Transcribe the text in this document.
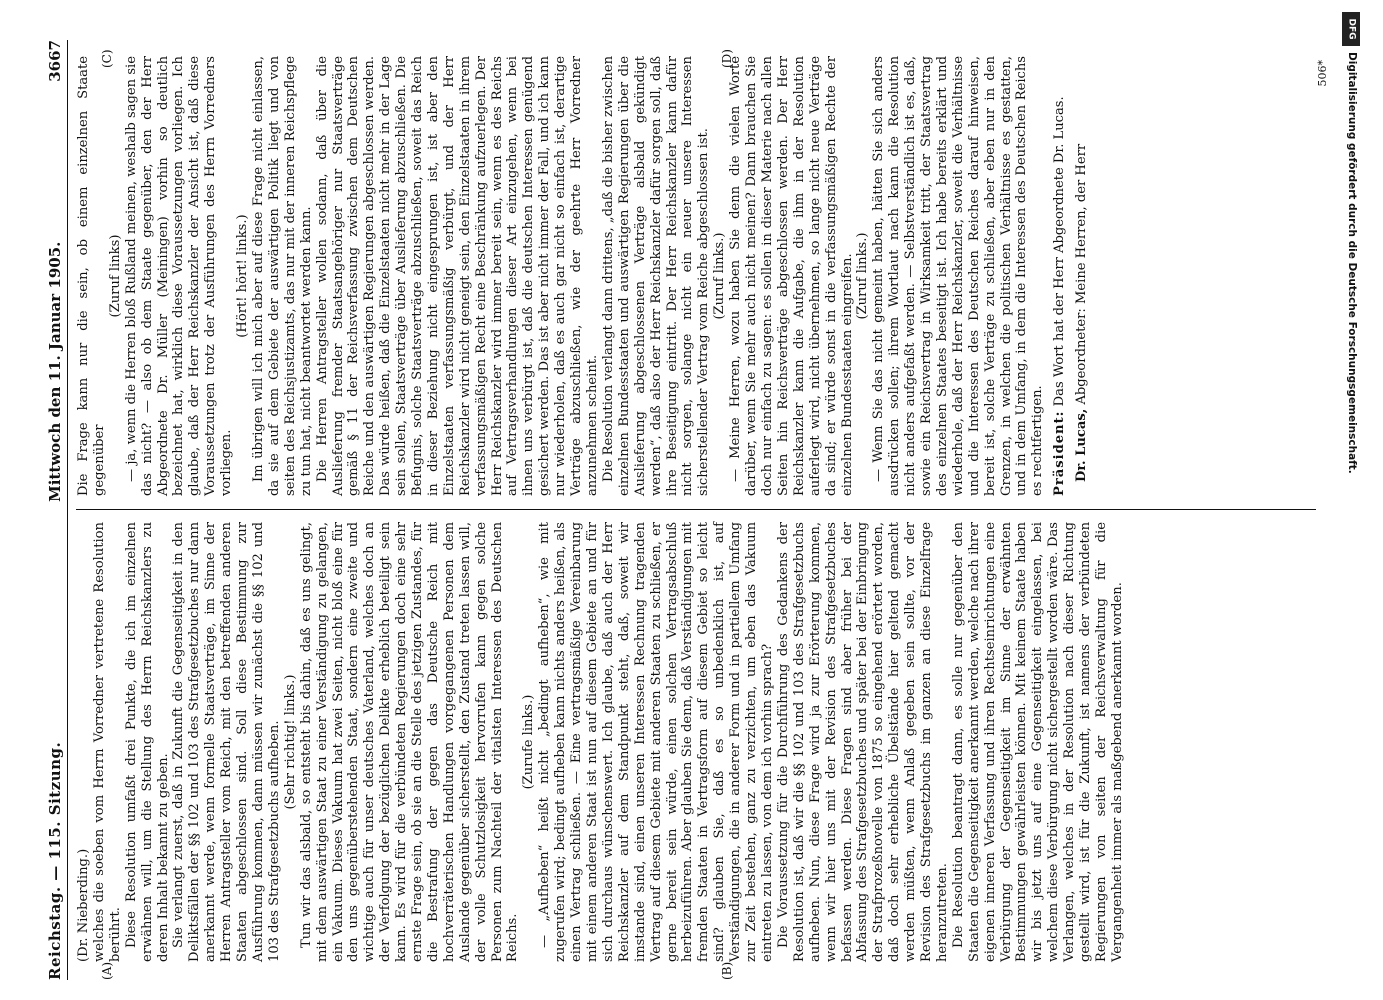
Reichstag. — 115. Sitzung.
Mittwoch den 11. Januar 1905.
3667
(A)	(B)
(C)	(D)

(Dr. Nieberding.) welches die soeben vom Herrn Vorredner vertretene Resolution berührt. Diese Resolution umfaßt drei Punkte, die ich im einzelnen erwähnen will, um die Stellung des Herrn Reichskanzlers zu deren Inhalt bekannt zu geben. Sie verlangt zuerst, daß in Zukunft die Gegenseitigkeit in den Deliktsfällen der §§ 102 und 103 des Strafgesetzbuches nur dann anerkannt werde, wenn formelle Staatsverträge, im Sinne der Herren Antragsteller vom Reich, mit den betreffenden anderen Staaten abgeschlossen sind. Soll diese Bestimmung zur Ausführung kommen, dann müssen wir zunächst die §§ 102 und 103 des Strafgesetzbuchs aufheben. (Sehr richtig! links.) Tun wir das alsbald, so entsteht bis dahin, daß es uns gelingt, mit dem auswärtigen Staat zu einer Verständigung zu gelangen, ein Vakuum. Dieses Vakuum hat zwei Seiten, nicht bloß eine für den uns gegenüberstehenden Staat, sondern eine zweite und wichtige auch für unser deutsches Vaterland, welches doch an der Verfolgung der bezüglichen Delikte erheblich beteiligt sein kann. Es wird für die verbündeten Regierungen doch eine sehr ernste Frage sein, ob sie an die Stelle des jetzigen Zustandes, für die Bestrafung der gegen das Deutsche Reich mit hochverräterischen Handlungen vorgegangenen Personen dem Auslande gegenüber sicherstellt, den Zustand treten lassen will, der volle Schutzlosigkeit hervorrufen kann gegen solche Personen zum Nachteil der vitalsten Interessen des Deutschen Reichs.

(Zurufe links.) — „Aufheben“ heißt nicht „bedingt aufheben“, wie mit zugerufen wird; bedingt aufheben kann nichts anders heißen, als einen Vertrag schließen. — Eine vertragsmäßige Vereinbarung mit einem anderen Staat ist nun auf diesem Gebiete an und für sich durchaus wünschenswert. Ich glaube, daß auch der Herr Reichskanzler auf dem Standpunkt steht, daß, soweit wir imstande sind, einen unseren Interessen Rechnung tragenden Vertrag auf diesem Gebiete mit anderen Staaten zu schließen, er gerne bereit sein würde, einen solchen Vertragsabschluß herbeizuführen. Aber glauben Sie denn, daß Verständigungen mit fremden Staaten in Vertragsform auf diesem Gebiet so leicht sind? glauben Sie, daß es so unbedenklich ist, auf Verständigungen, die in anderer Form und in partiellem Umfang zur Zeit bestehen, ganz zu verzichten, um eben das Vakuum eintreten zu lassen, von dem ich vorhin sprach? Die Voraussetzung für die Durchführung des Gedankens der Resolution ist, daß wir die §§ 102 und 103 des Strafgesetzbuchs aufheben. Nun, diese Frage wird ja zur Erörterung kommen, wenn wir hier uns mit der Revision des Strafgesetzbuches befassen werden. Diese Fragen sind aber früher bei der Abfassung des Strafgesetzbuches und später bei der Einbringung der Strafprozeßnovelle von 1875 so eingehend erörtert worden, daß doch sehr erhebliche Übelstände hier geltend gemacht werden müßten, wenn Anlaß gegeben sein sollte, vor der Revision des Strafgesetzbuchs im ganzen an diese Einzelfrage heranzutreten. Die Resolution beantragt dann, es solle nur gegenüber den Staaten die Gegenseitigkeit anerkannt werden, welche nach ihrer eigenen inneren Verfassung und ihren Rechtseinrichtungen eine Verbürgung der Gegenseitigkeit im Sinne der erwähnten Bestimmungen gewährleisten können. Mit keinem Staate haben wir bis jetzt uns auf eine Gegenseitigkeit eingelassen, bei welchem diese Verbürgung nicht sichergestellt worden wäre. Das Verlangen, welches in der Resolution nach dieser Richtung gestellt wird, ist für die Zukunft, ist namens der verbündeten Regierungen von seiten der Reichsverwaltung für die Vergangenheit immer als maßgebend anerkannt worden.

Die Frage kann nur die sein, ob einem einzelnen Staate gegenüber

(Zuruf links) — ja, wenn die Herren bloß Rußland meinen, weshalb sagen sie das nicht? — also ob dem Staate gegenüber, den der Herr Abgeordnete Dr. Müller (Meiningen) vorhin so deutlich bezeichnet hat, wirklich diese Voraussetzungen vorliegen. Ich glaube, daß der Herr Reichskanzler der Ansicht ist, daß diese Voraussetzungen trotz der Ausführungen des Herrn Vorredners vorliegen.

(Hört! hört! links.) Im übrigen will ich mich aber auf diese Frage nicht einlassen, da sie auf dem Gebiete der auswärtigen Politik liegt und von seiten des Reichsjustizamts, das nur mit der inneren Reichspflege zu tun hat, nicht beantwortet werden kann. Die Herren Antragsteller wollen sodann, daß über die Auslieferung fremder Staatsangehöriger nur Staatsverträge gemäß § 11 der Reichsverfassung zwischen dem Deutschen Reiche und den auswärtigen Regierungen abgeschlossen werden. Das würde heißen, daß die Einzelstaaten nicht mehr in der Lage sein sollen, Staatsverträge über Auslieferung abzuschließen. Die Befugnis, solche Staatsverträge abzuschließen, soweit das Reich in dieser Beziehung nicht eingesprungen ist, ist aber den Einzelstaaten verfassungsmäßig verbürgt, und der Herr Reichskanzler wird nicht geneigt sein, den Einzelstaaten in ihrem verfassungsmäßigen Recht eine Beschränkung aufzuerlegen. Der Herr Reichskanzler wird immer bereit sein, wenn es des Reichs auf Vertragsverhandlungen dieser Art einzugehen, wenn bei ihnen uns verbürgt ist, daß die deutschen Interessen genügend gesichert werden. Das ist aber nicht immer der Fall, und ich kann nur wiederholen, daß es auch gar nicht so einfach ist, derartige Verträge abzuschließen, wie der geehrte Herr Vorredner anzunehmen scheint. Die Resolution verlangt dann drittens, „daß die bisher zwischen einzelnen Bundesstaaten und auswärtigen Regierungen über die Auslieferung abgeschlossenen Verträge alsbald gekündigt werden“, daß also der Herr Reichskanzler dafür sorgen soll, daß ihre Beseitigung eintritt. Der Herr Reichskanzler kann dafür nicht sorgen, solange nicht ein neuer unsere Interessen sicherstellender Vertrag vom Reiche abgeschlossen ist. (Zuruf links.) — Meine Herren, wozu haben Sie denn die vielen Worte darüber, wenn Sie mehr auch nicht meinen? Dann brauchen Sie doch nur einfach zu sagen: es sollen in dieser Materie nach allen Seiten hin Reichsverträge abgeschlossen werden. Der Herr Reichskanzler kann die Aufgabe, die ihm in der Resolution auferlegt wird, nicht übernehmen, so lange nicht neue Verträge da sind; er würde sonst in die verfassungsmäßigen Rechte der einzelnen Bundesstaaten eingreifen. (Zuruf links.) — Wenn Sie das nicht gemeint haben, hätten Sie sich anders ausdrücken sollen; ihrem Wortlaut nach kann die Resolution nicht anders aufgefaßt werden. — Selbstverständlich ist es, daß, sowie ein Reichsvertrag in Wirksamkeit tritt, der Staatsvertrag des einzelnen Staates beseitigt ist. Ich habe bereits erklärt und wiederhole, daß der Herr Reichskanzler, soweit die Verhältnisse und die Interessen des Deutschen Reiches darauf hinweisen, bereit ist, solche Verträge zu schließen, aber eben nur in den Grenzen, in welchen die politischen Verhältnisse es gestatten, und in dem Umfang, in dem die Interessen des Deutschen Reichs es rechtfertigen. Präsident: Das Wort hat der Herr Abgeordnete Dr. Lucas.

Dr. Lucas, Abgeordneter: Meine Herren, der Herr

506*
DFG
Digitalisierung gefördert durch die Deutsche Forschungsgemeinschaft.
